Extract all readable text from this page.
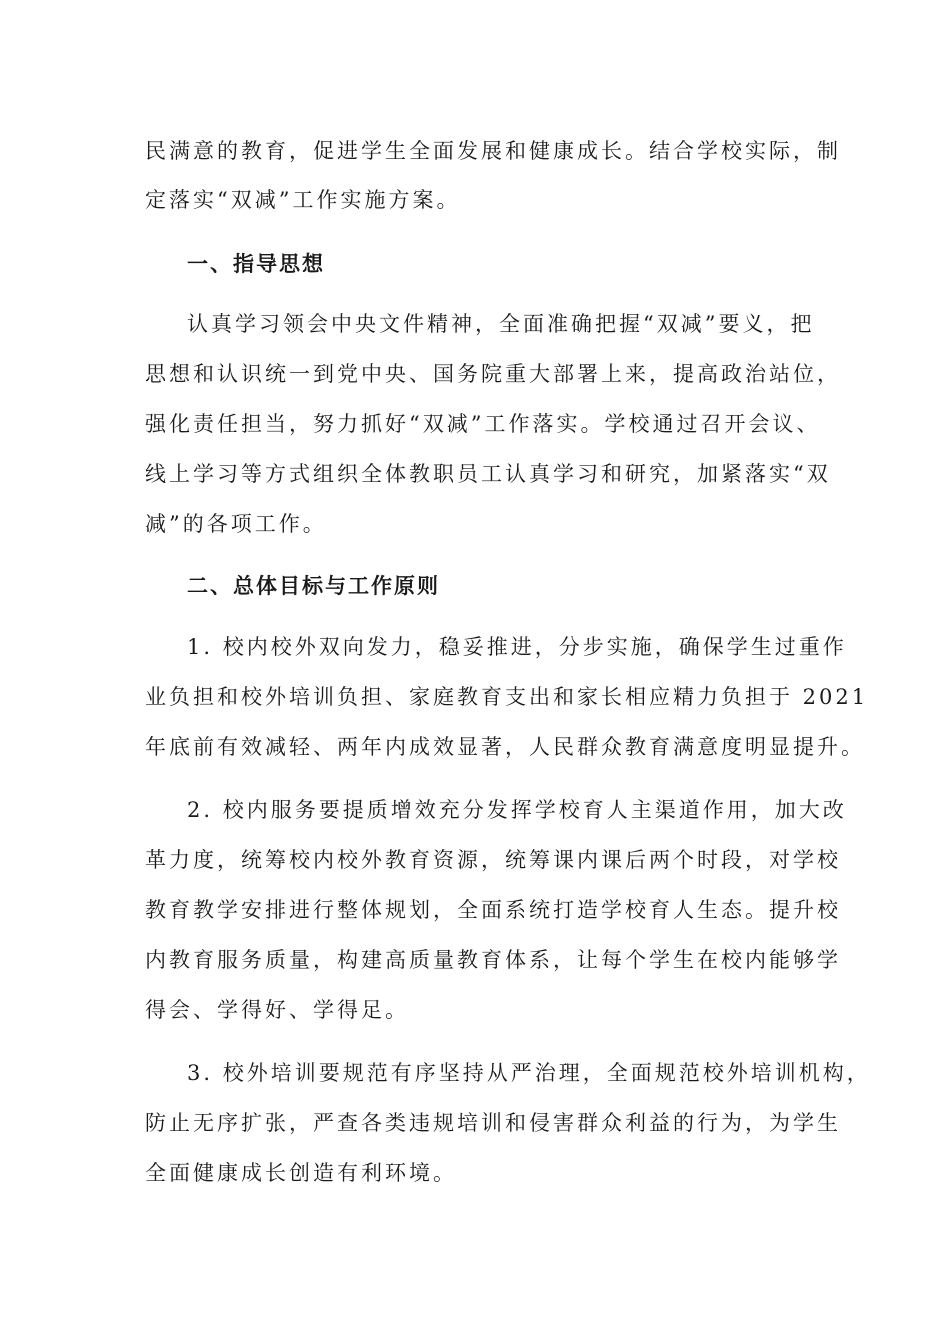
民满意的教育，促进学生全面发展和健康成长。结合学校实际，制
定落实“双减”工作实施方案。
一、指导思想
认真学习领会中央文件精神，全面准确把握“双减”要义，把
思想和认识统一到党中央、国务院重大部署上来，提高政治站位，
强化责任担当，努力抓好“双减”工作落实。学校通过召开会议、
线上学习等方式组织全体教职员工认真学习和研究，加紧落实“双
减”的各项工作。
二、总体目标与工作原则
1. 校内校外双向发力，稳妥推进，分步实施，确保学生过重作
业负担和校外培训负担、家庭教育支出和家长相应精力负担于 2021
年底前有效减轻、两年内成效显著，人民群众教育满意度明显提升。
2. 校内服务要提质增效充分发挥学校育人主渠道作用，加大改
革力度，统筹校内校外教育资源，统筹课内课后两个时段，对学校
教育教学安排进行整体规划，全面系统打造学校育人生态。提升校
内教育服务质量，构建高质量教育体系，让每个学生在校内能够学
得会、学得好、学得足。
3. 校外培训要规范有序坚持从严治理，全面规范校外培训机构，
防止无序扩张，严查各类违规培训和侵害群众利益的行为，为学生
全面健康成长创造有利环境。
